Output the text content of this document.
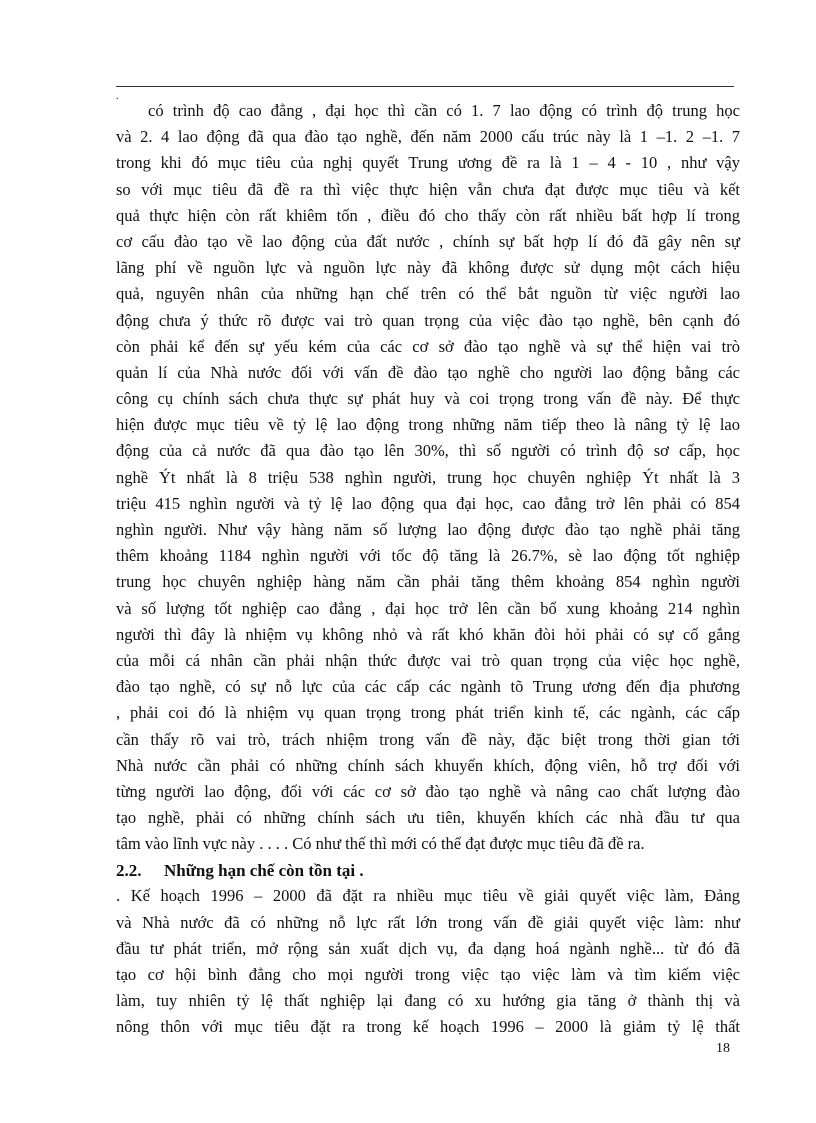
.
có trình độ cao đẳng , đại học thì cần có 1. 7 lao động có trình độ trung học
và 2. 4 lao động đã qua đào tạo nghề, đến năm 2000 cấu trúc này là 1 –1. 2 –1. 7
trong khi đó mục tiêu của nghị quyết Trung ương đề ra là 1 – 4 - 10 , như vậy
so với mục tiêu đã đề ra thì việc thực hiện vẫn chưa đạt được mục tiêu và kết
quả thực hiện còn rất khiêm tốn , điều đó cho thấy còn rất nhiều bất hợp lí trong
cơ cấu đào tạo về lao động của đất nước , chính sự bất hợp lí đó đã gây nên sự
lãng phí về nguồn lực và nguồn lực này đã không được sử dụng một cách hiệu
quả, nguyên nhân của những hạn chế trên có thể bắt nguồn từ việc người lao
động chưa ý thức rõ được vai trò quan trọng của việc đào tạo nghề, bên cạnh đó
còn phải kể đến sự yếu kém của các cơ sở đào tạo nghề và sự thể hiện vai trò
quản lí của Nhà nước đối với vấn đề đào tạo nghề cho người lao động bằng các
công cụ chính sách chưa thực sự phát huy và coi trọng trong vấn đề này. Để thực
hiện được mục tiêu về tỷ lệ lao động trong những năm tiếp theo là nâng tỷ lệ lao
động của cả nước đã qua đào tạo lên 30%, thì số người có trình độ sơ cấp, học
nghề Ýt nhất là 8 triệu 538 nghìn người, trung học chuyên nghiệp Ýt nhất là 3
triệu 415 nghìn người và tỷ lệ lao động qua đại học, cao đẳng trở lên phải có 854
nghìn người. Như vậy hàng năm số lượng lao động được đào tạo nghề phải tăng
thêm khoảng 1184 nghìn người với tốc độ tăng là 26.7%, sè lao động tốt nghiệp
trung học chuyên nghiệp hàng năm cần phải tăng thêm khoảng 854 nghìn người
và số lượng tốt nghiệp cao đẳng , đại học trở lên cần bổ xung khoảng 214 nghìn
người thì đây là nhiệm vụ không nhỏ và rất khó khăn đòi hỏi phải có sự cố gắng
của mỗi cá nhân cần phải nhận thức được vai trò quan trọng của việc học nghề,
đào tạo nghề, có sự nỗ lực của các cấp các ngành tõ Trung ương đến địa phương
, phải coi đó là nhiệm vụ quan trọng trong phát triển kinh tế, các ngành, các cấp
cần thấy rõ vai trò, trách nhiệm trong vấn đề này, đặc biệt trong thời gian tới
Nhà nước cần phải có những chính sách khuyến khích, động viên, hỗ trợ đối với
từng người lao động, đối với các cơ sở đào tạo nghề và nâng cao chất lượng đào
tạo nghề, phải có những chính sách ưu tiên, khuyến khích các nhà đầu tư qua
tâm vào lĩnh vực này . . . . Có như thế thì mới có thể đạt được mục tiêu đã đề ra.
2.2. Những hạn chế còn tồn tại .
. Kế hoạch 1996 – 2000 đã đặt ra nhiều mục tiêu về giải quyết việc làm, Đảng
và Nhà nước đã có những nỗ lực rất lớn trong vấn đề giải quyết việc làm: như
đầu tư phát triển, mở rộng sản xuất dịch vụ, đa dạng hoá ngành nghề... từ đó đã
tạo cơ hội bình đẳng cho mọi người trong việc tạo việc làm và tìm kiếm việc
làm, tuy nhiên tỷ lệ thất nghiệp lại đang có xu hướng gia tăng ở thành thị và
nông thôn với mục tiêu đặt ra trong kế hoạch 1996 – 2000 là giảm tỷ lệ thất
18
